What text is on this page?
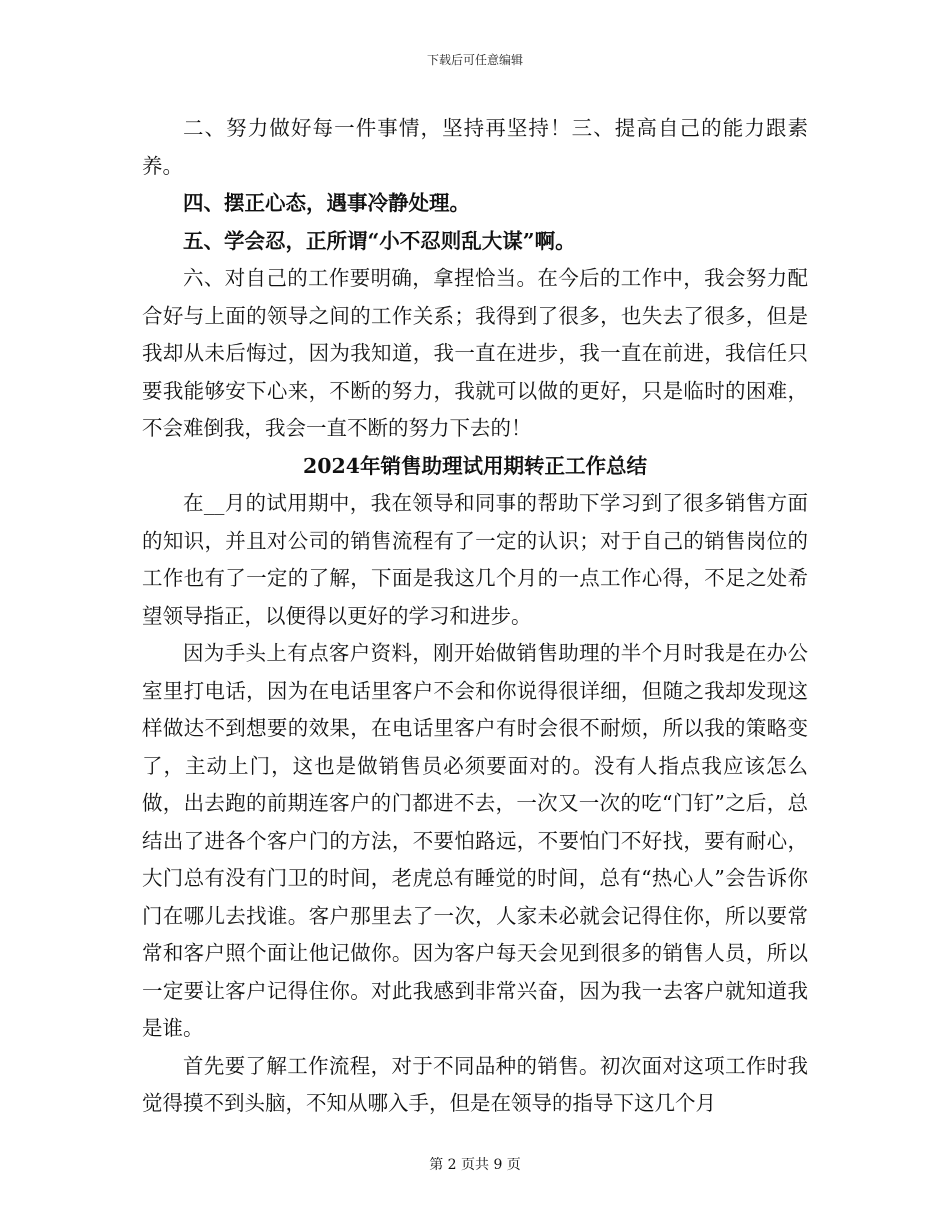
下载后可任意编辑

二、努力做好每一件事情，坚持再坚持！三、提高自己的能力跟素养。

四、摆正心态，遇事冷静处理。

五、学会忍，正所谓“小不忍则乱大谋”啊。

六、对自己的工作要明确，拿捏恰当。在今后的工作中，我会努力配合好与上面的领导之间的工作关系；我得到了很多，也失去了很多，但是我却从未后悔过，因为我知道，我一直在进步，我一直在前进，我信任只要我能够安下心来，不断的努力，我就可以做的更好，只是临时的困难，不会难倒我，我会一直不断的努力下去的！

2024年销售助理试用期转正工作总结

在__月的试用期中，我在领导和同事的帮助下学习到了很多销售方面的知识，并且对公司的销售流程有了一定的认识；对于自己的销售岗位的工作也有了一定的了解，下面是我这几个月的一点工作心得，不足之处希望领导指正，以便得以更好的学习和进步。

因为手头上有点客户资料，刚开始做销售助理的半个月时我是在办公室里打电话，因为在电话里客户不会和你说得很详细，但随之我却发现这样做达不到想要的效果，在电话里客户有时会很不耐烦，所以我的策略变了，主动上门，这也是做销售员必须要面对的。没有人指点我应该怎么做，出去跑的前期连客户的门都进不去，一次又一次的吃“门钉”之后，总结出了进各个客户门的方法，不要怕路远，不要怕门不好找，要有耐心，大门总有没有门卫的时间，老虎总有睡觉的时间，总有“热心人”会告诉你门在哪儿去找谁。客户那里去了一次，人家未必就会记得住你，所以要常常和客户照个面让他记做你。因为客户每天会见到很多的销售人员，所以一定要让客户记得住你。对此我感到非常兴奋，因为我一去客户就知道我是谁。

首先要了解工作流程，对于不同品种的销售。初次面对这项工作时我觉得摸不到头脑，不知从哪入手，但是在领导的指导下这几个月

第 2 页共 9 页
